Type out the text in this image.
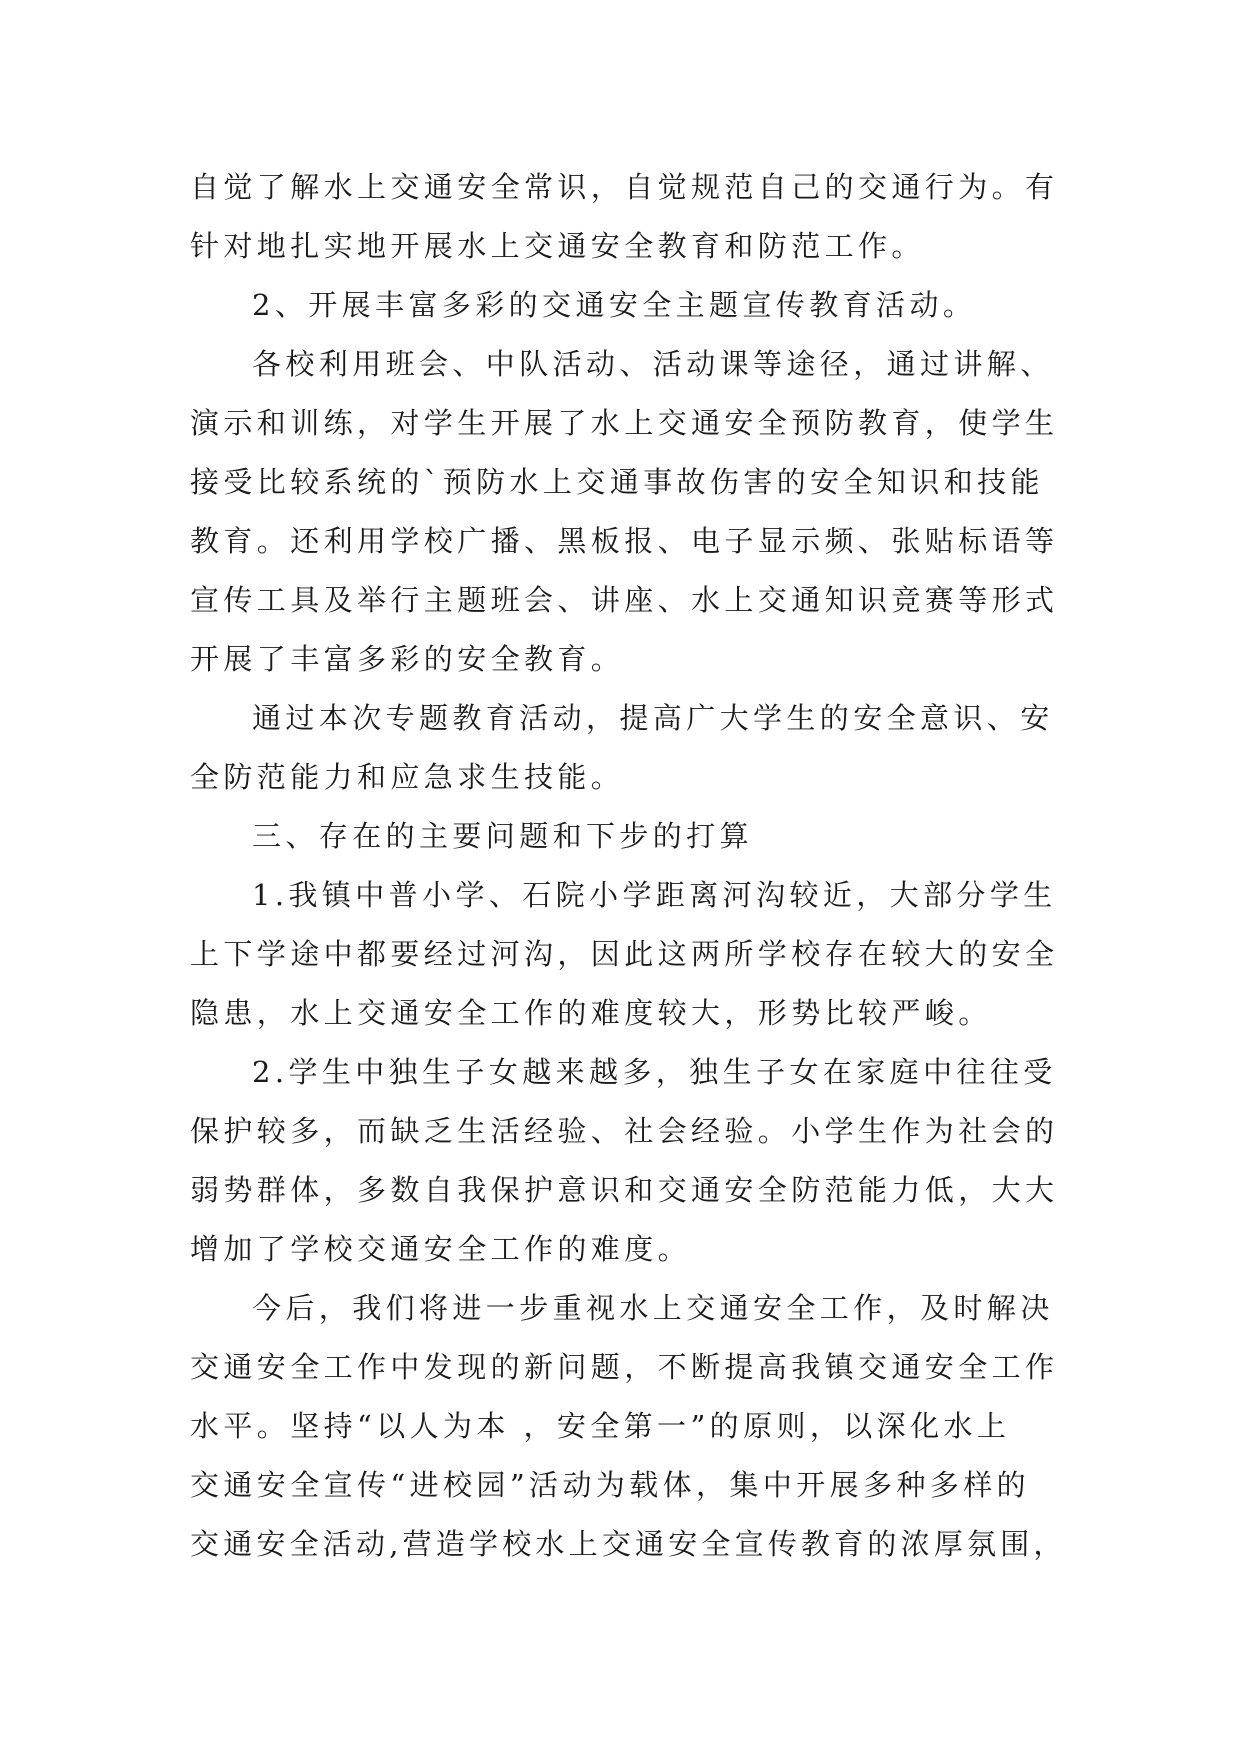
自觉了解水上交通安全常识，自觉规范自己的交通行为。有
针对地扎实地开展水上交通安全教育和防范工作。
2、开展丰富多彩的交通安全主题宣传教育活动。
各校利用班会、中队活动、活动课等途径，通过讲解、
演示和训练，对学生开展了水上交通安全预防教育，使学生
接受比较系统的`预防水上交通事故伤害的安全知识和技能
教育。还利用学校广播、黑板报、电子显示频、张贴标语等
宣传工具及举行主题班会、讲座、水上交通知识竞赛等形式
开展了丰富多彩的安全教育。
通过本次专题教育活动，提高广大学生的安全意识、安
全防范能力和应急求生技能。
三、存在的主要问题和下步的打算
1.我镇中普小学、石院小学距离河沟较近，大部分学生
上下学途中都要经过河沟，因此这两所学校存在较大的安全
隐患，水上交通安全工作的难度较大，形势比较严峻。
2.学生中独生子女越来越多，独生子女在家庭中往往受
保护较多，而缺乏生活经验、社会经验。小学生作为社会的
弱势群体，多数自我保护意识和交通安全防范能力低，大大
增加了学校交通安全工作的难度。
今后，我们将进一步重视水上交通安全工作，及时解决
交通安全工作中发现的新问题，不断提高我镇交通安全工作
水平。坚持“以人为本 ，安全第一”的原则，以深化水上
交通安全宣传“进校园”活动为载体，集中开展多种多样的
交通安全活动,营造学校水上交通安全宣传教育的浓厚氛围，
